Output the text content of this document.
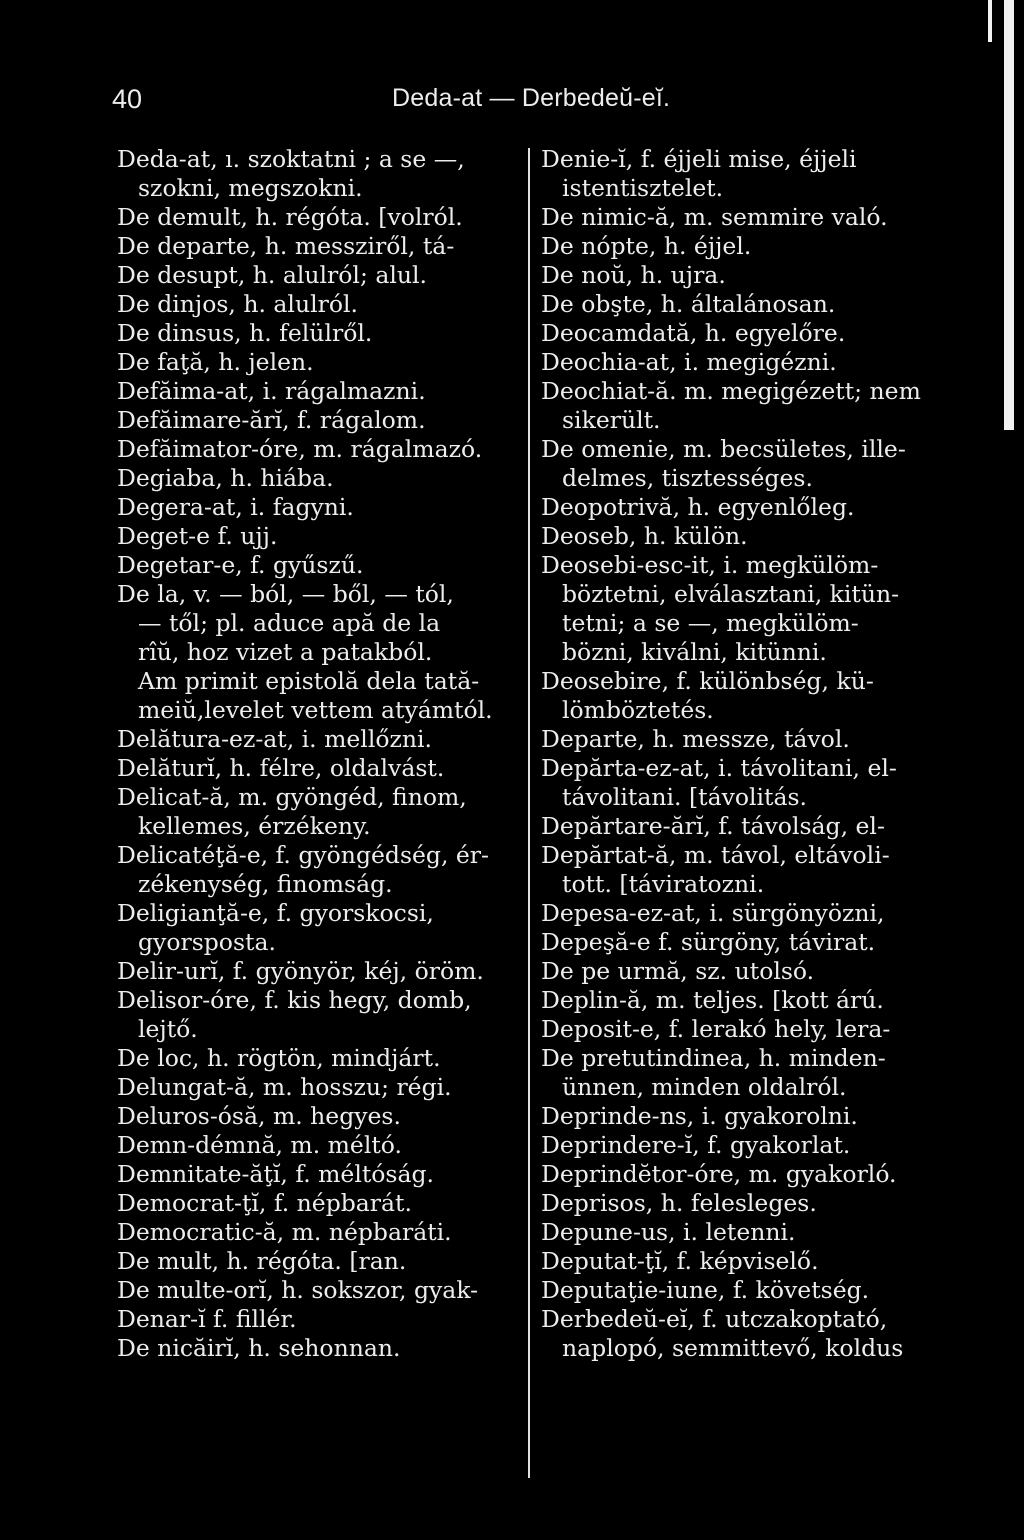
40	Deda-at — Derbedeŭ-eĭ.
Deda-at, ı. szoktatni ; a se —,
szokni, megszokni.
De demult, h. régóta. [volról.
De departe, h. messziről, tá-
De desupt, h. alulról; alul.
De dinjos, h. alulról.
De dinsus, h. felülről.
De faţă, h. jelen.
Defăima-at, i. rágalmazni.
Defăimare-ărĭ, f. rágalom.
Defăimator-óre, m. rágalmazó.
Degiaba, h. hiába.
Degera-at, i. fagyni.
Deget-e f. ujj.
Degetar-e, f. gyűszű.
De la, v. — ból, — ből, — tól,
— től; pl. aduce apă de la
rîŭ, hoz vizet a patakból.
Am primit epistolă dela tată-
meiŭ,levelet vettem atyámtól.
Delătura-ez-at, i. mellőzni.
Delăturĭ, h. félre, oldalvást.
Delicat-ă, m. gyöngéd, finom,
kellemes, érzékeny.
Delicatéţă-e, f. gyöngédség, ér-
zékenység, finomság.
Deligianţă-e, f. gyorskocsi,
gyorsposta.
Delir-urĭ, f. gyönyör, kéj, öröm.
Delisor-óre, f. kis hegy, domb,
lejtő.
De loc, h. rögtön, mindjárt.
Delungat-ă, m. hosszu; régi.
Deluros-ósă, m. hegyes.
Demn-démnă, m. méltó.
Demnitate-ăţĭ, f. méltóság.
Democrat-ţĭ, f. népbarát.
Democratic-ă, m. népbaráti.
De mult, h. régóta. [ran.
De multe-orĭ, h. sokszor, gyak-
Denar-ĭ f. fillér.
De nicăirĭ, h. sehonnan.
Denie-ĭ, f. éjjeli mise, éjjeli
istentisztelet.
De nimic-ă, m. semmire való.
De nópte, h. éjjel.
De noŭ, h. ujra.
De obşte, h. általánosan.
Deocamdată, h. egyelőre.
Deochia-at, i. megigézni.
Deochiat-ă. m. megigézett; nem
sikerült.
De omenie, m. becsületes, ille-
delmes, tisztességes.
Deopotrivă, h. egyenlőleg.
Deoseb, h. külön.
Deosebi-esc-it, i. megkülöm-
böztetni, elválasztani, kitün-
tetni; a se —, megkülöm-
bözni, kiválni, kitünni.
Deosebire, f. különbség, kü-
lömböztetés.
Departe, h. messze, távol.
Depărta-ez-at, i. távolitani, el-
távolitani. [távolitás.
Depărtare-ărĭ, f. távolság, el-
Depărtat-ă, m. távol, eltávoli-
tott. [táviratozni.
Depesa-ez-at, i. sürgönyözni,
Depeşă-e f. sürgöny, távirat.
De pe urmă, sz. utolsó.
Deplin-ă, m. teljes. [kott árú.
Deposit-e, f. lerakó hely, lera-
De pretutindinea, h. minden-
ünnen, minden oldalról.
Deprinde-ns, i. gyakorolni.
Deprindere-ĭ, f. gyakorlat.
Deprindĕtor-óre, m. gyakorló.
Deprisos, h. felesleges.
Depune-us, i. letenni.
Deputat-ţĭ, f. képviselő.
Deputaţie-iune, f. követség.
Derbedeŭ-eĭ, f. utczakoptató,
naplopó, semmittevő, koldus
